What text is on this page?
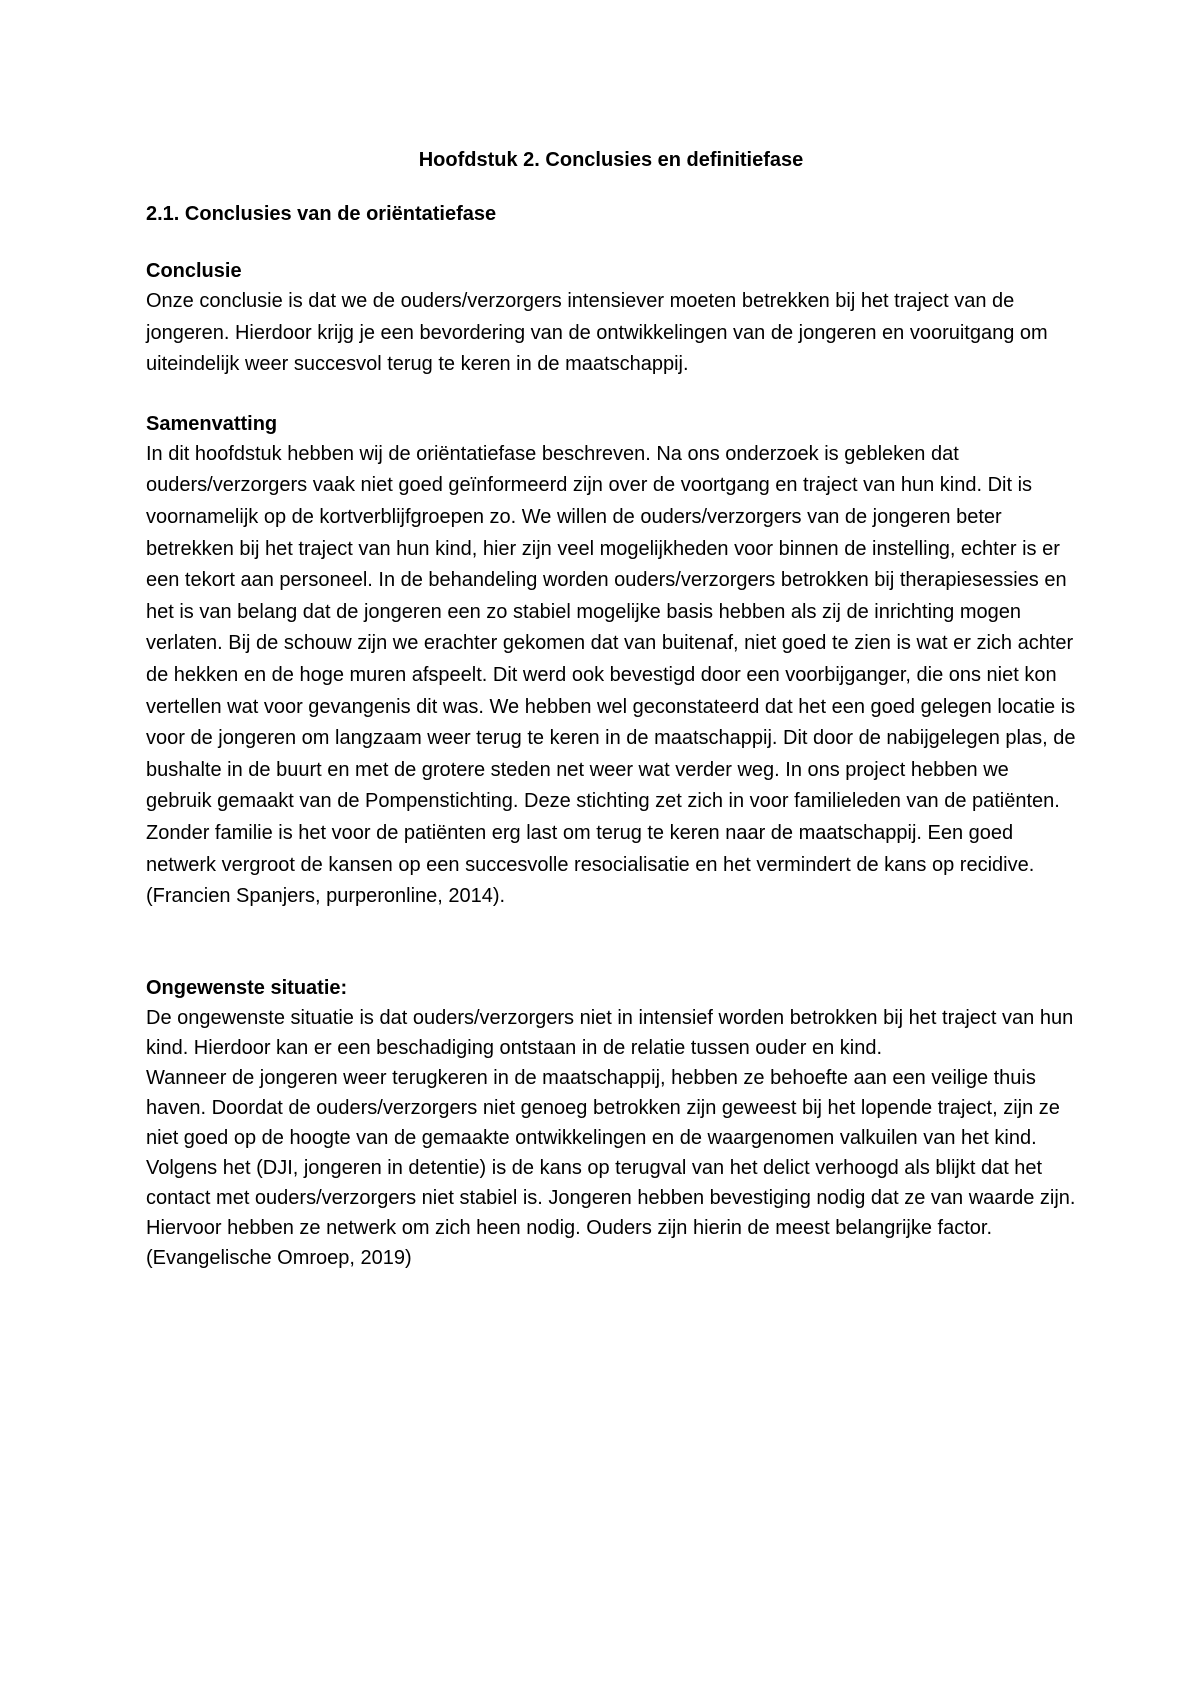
Hoofdstuk 2. Conclusies en definitiefase
2.1. Conclusies van de oriëntatiefase
Conclusie

Onze conclusie is dat we de ouders/verzorgers intensiever moeten betrekken bij het traject van de jongeren. Hierdoor krijg je een bevordering van de ontwikkelingen van de jongeren en vooruitgang om uiteindelijk weer succesvol terug te keren in de maatschappij.

Samenvatting

In dit hoofdstuk hebben wij de oriëntatiefase beschreven. Na ons onderzoek is gebleken dat ouders/verzorgers vaak niet goed geïnformeerd zijn over de voortgang en traject van hun kind. Dit is voornamelijk op de kortverblijfgroepen zo. We willen de ouders/verzorgers van de jongeren beter betrekken bij het traject van hun kind, hier zijn veel mogelijkheden voor binnen de instelling, echter is er een tekort aan personeel. In de behandeling worden ouders/verzorgers betrokken bij therapiesessies en het is van belang dat de jongeren een zo stabiel mogelijke basis hebben als zij de inrichting mogen verlaten. Bij de schouw zijn we erachter gekomen dat van buitenaf, niet goed te zien is wat er zich achter de hekken en de hoge muren afspeelt. Dit werd ook bevestigd door een voorbijganger, die ons niet kon vertellen wat voor gevangenis dit was. We hebben wel geconstateerd dat het een goed gelegen locatie is voor de jongeren om langzaam weer terug te keren in de maatschappij. Dit door de nabijgelegen plas, de bushalte in de buurt en met de grotere steden net weer wat verder weg. In ons project hebben we gebruik gemaakt van de Pompenstichting. Deze stichting zet zich in voor familieleden van de patiënten. Zonder familie is het voor de patiënten erg last om terug te keren naar de maatschappij. Een goed netwerk vergroot de kansen op een succesvolle resocialisatie en het vermindert de kans op recidive.

(Francien Spanjers, purperonline, 2014).

Ongewenste situatie:

De ongewenste situatie is dat ouders/verzorgers niet in intensief worden betrokken bij het traject van hun kind. Hierdoor kan er een beschadiging ontstaan in de relatie tussen ouder en kind.

Wanneer de jongeren weer terugkeren in de maatschappij, hebben ze behoefte aan een veilige thuis haven. Doordat de ouders/verzorgers niet genoeg betrokken zijn geweest bij het lopende traject, zijn ze niet goed op de hoogte van de gemaakte ontwikkelingen en de waargenomen valkuilen van het kind. Volgens het (DJI, jongeren in detentie) is de kans op terugval van het delict verhoogd als blijkt dat het contact met ouders/verzorgers niet stabiel is. Jongeren hebben bevestiging nodig dat ze van waarde zijn. Hiervoor hebben ze netwerk om zich heen nodig. Ouders zijn hierin de meest belangrijke factor. (Evangelische Omroep, 2019)
